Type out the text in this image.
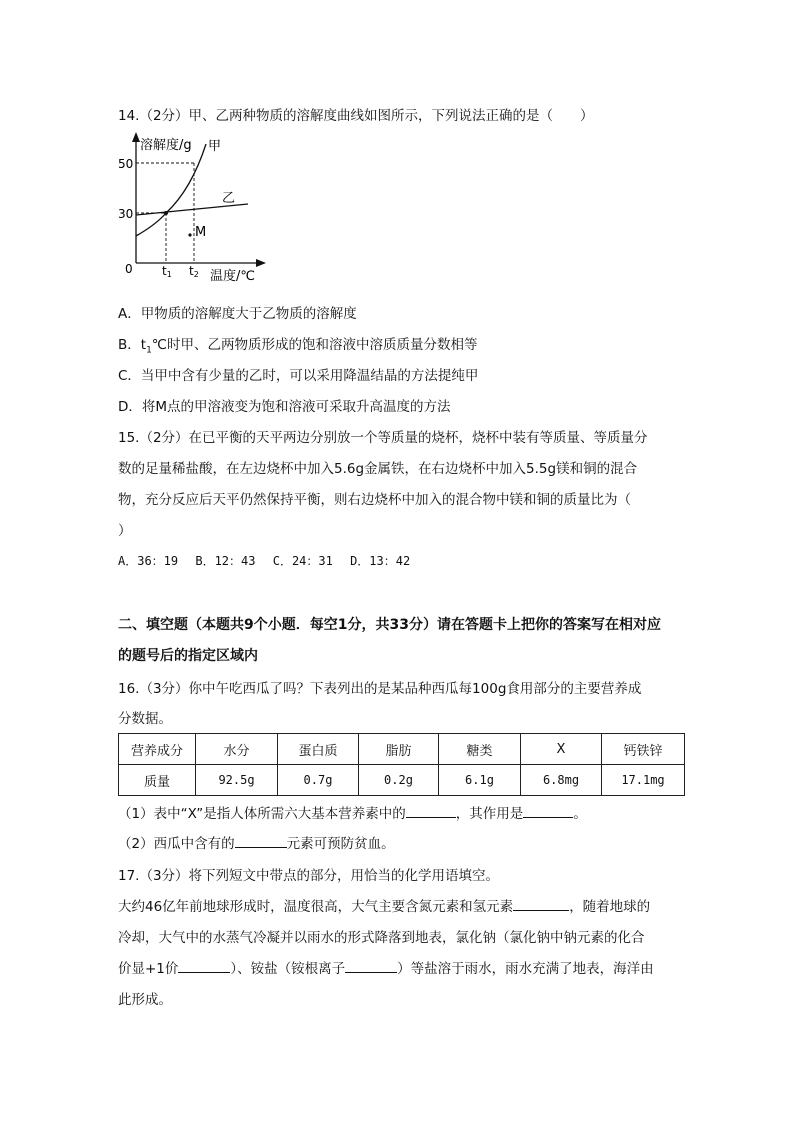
14.（2分）甲、乙两种物质的溶解度曲线如图所示，下列说法正确的是（　　）
溶解度/g 甲
乙
M
50
30
0 t1 t2 温度/℃
A．甲物质的溶解度大于乙物质的溶解度
B．$t_1℃$时甲、乙两物质形成的饱和溶液中溶质质量分数相等
C．当甲中含有少量的乙时，可以采用降温结晶的方法提纯甲
D．将M点的甲溶液变为饱和溶液可采取升高温度的方法
15.（2分）在已平衡的天平两边分别放一个等质量的烧杯，烧杯中装有等质量、等质量分
数的足量稀盐酸，在左边烧杯中加入5.6g金属铁，在右边烧杯中加入5.5g镁和铜的混合
物，充分反应后天平仍然保持平衡，则右边烧杯中加入的混合物中镁和铜的质量比为（
）
A．36：19 B．12：43 C．24：31 D．13：42
二、填空题（本题共9个小题．每空1分，共33分）请在答题卡上把你的答案写在相对应
的题号后的指定区域内
16.（3分）你中午吃西瓜了吗？下表列出的是某品种西瓜每100g食用部分的主要营养成
分数据。
营养成分	水分	蛋白质	脂肪	糖类	X	钙铁锌
质量	92.5g	0.7g	0.2g	6.1g	6.8mg	17.1mg
（1）表中“X”是指人体所需六大基本营养素中的	，其作用是	。
（2）西瓜中含有的	元素可预防贫血。
17.（3分）将下列短文中带点的部分，用恰当的化学用语填空。
大约46亿年前地球形成时，温度很高，大气主要含氮元素和氢元素	，随着地球的
冷却，大气中的水蒸气冷凝并以雨水的形式降落到地表，氯化钠（氯化钠中钠元素的化合
价显+1价	）、铵盐（铵根离子	）等盐溶于雨水，雨水充满了地表，海洋由
此形成。
